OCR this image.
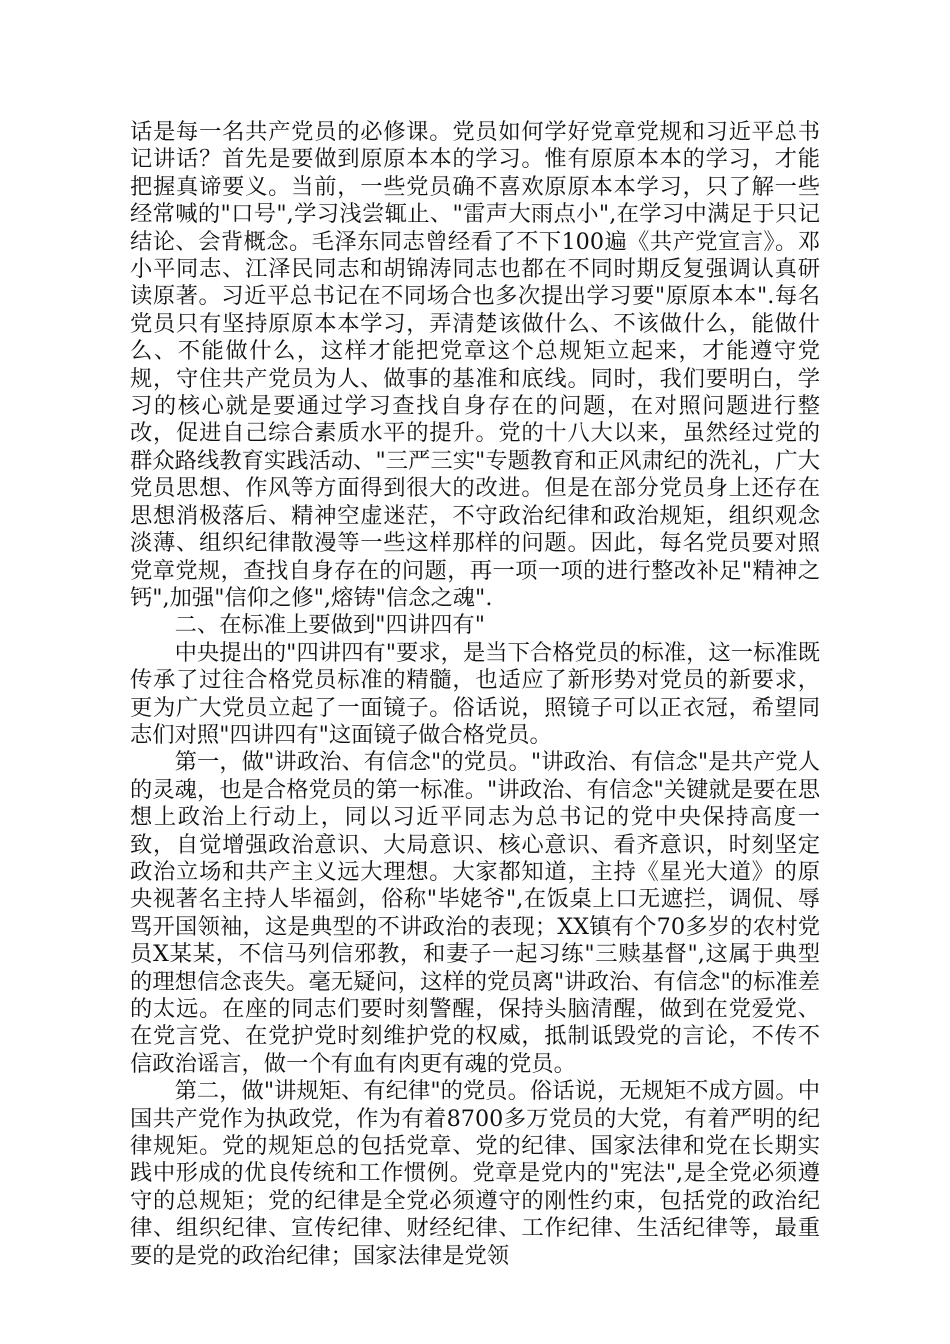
话是每一名共产党员的必修课。党员如何学好党章党规和习近平总书记讲话？首先是要做到原原本本的学习。惟有原原本本的学习，才能把握真谛要义。当前，一些党员确不喜欢原原本本学习，只了解一些经常喊的"口号",学习浅尝辄止、"雷声大雨点小",在学习中满足于只记结论、会背概念。毛泽东同志曾经看了不下100遍《共产党宣言》。邓小平同志、江泽民同志和胡锦涛同志也都在不同时期反复强调认真研读原著。习近平总书记在不同场合也多次提出学习要"原原本本".每名党员只有坚持原原本本学习，弄清楚该做什么、不该做什么，能做什么、不能做什么，这样才能把党章这个总规矩立起来，才能遵守党规，守住共产党员为人、做事的基准和底线。同时，我们要明白，学习的核心就是要通过学习查找自身存在的问题，在对照问题进行整改，促进自己综合素质水平的提升。党的十八大以来，虽然经过党的群众路线教育实践活动、"三严三实"专题教育和正风肃纪的洗礼，广大党员思想、作风等方面得到很大的改进。但是在部分党员身上还存在思想消极落后、精神空虚迷茫，不守政治纪律和政治规矩，组织观念淡薄、组织纪律散漫等一些这样那样的问题。因此，每名党员要对照党章党规，查找自身存在的问题，再一项一项的进行整改补足"精神之钙",加强"信仰之修",熔铸"信念之魂".

二、在标准上要做到"四讲四有"

中央提出的"四讲四有"要求，是当下合格党员的标准，这一标准既传承了过往合格党员标准的精髓，也适应了新形势对党员的新要求，更为广大党员立起了一面镜子。俗话说，照镜子可以正衣冠，希望同志们对照"四讲四有"这面镜子做合格党员。

第一，做"讲政治、有信念"的党员。"讲政治、有信念"是共产党人的灵魂，也是合格党员的第一标准。"讲政治、有信念"关键就是要在思想上政治上行动上，同以习近平同志为总书记的党中央保持高度一致，自觉增强政治意识、大局意识、核心意识、看齐意识，时刻坚定政治立场和共产主义远大理想。大家都知道，主持《星光大道》的原央视著名主持人毕福剑，俗称"毕姥爷",在饭桌上口无遮拦，调侃、辱骂开国领袖，这是典型的不讲政治的表现；XX镇有个70多岁的农村党员X某某，不信马列信邪教，和妻子一起习练"三赎基督",这属于典型的理想信念丧失。毫无疑问，这样的党员离"讲政治、有信念"的标准差的太远。在座的同志们要时刻警醒，保持头脑清醒，做到在党爱党、在党言党、在党护党时刻维护党的权威，抵制诋毁党的言论，不传不信政治谣言，做一个有血有肉更有魂的党员。

第二，做"讲规矩、有纪律"的党员。俗话说，无规矩不成方圆。中国共产党作为执政党，作为有着8700多万党员的大党，有着严明的纪律规矩。党的规矩总的包括党章、党的纪律、国家法律和党在长期实践中形成的优良传统和工作惯例。党章是党内的"宪法",是全党必须遵守的总规矩；党的纪律是全党必须遵守的刚性约束，包括党的政治纪律、组织纪律、宣传纪律、财经纪律、工作纪律、生活纪律等，最重要的是党的政治纪律；国家法律是党领
